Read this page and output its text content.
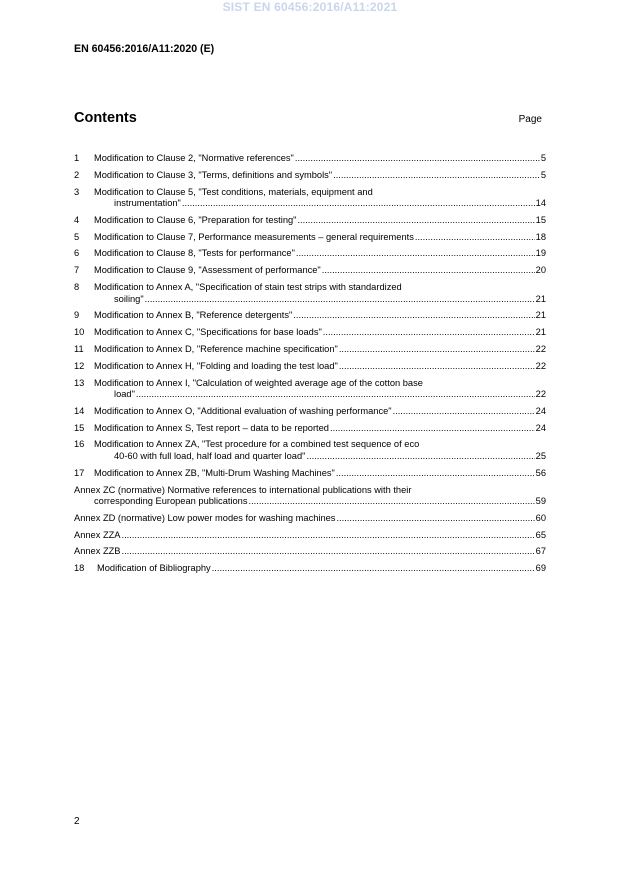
SIST EN 60456:2016/A11:2021
EN 60456:2016/A11:2020 (E)
Contents	Page
1 Modification to Clause 2, "Normative references" .....	5
2 Modification to Clause 3, "Terms, definitions and symbols" .....	5
3 Modification to Clause 5, "Test conditions, materials, equipment and
instrumentation" .....	14
4 Modification to Clause 6, "Preparation for testing" .....	15
5 Modification to Clause 7, Performance measurements – general requirements .....	18
6 Modification to Clause 8, "Tests for performance" .....	19
7 Modification to Clause 9, "Assessment of performance" .....	20
8 Modification to Annex A, "Specification of stain test strips with standardized
soiling" .....	21
9 Modification to Annex B, "Reference detergents" .....	21
10 Modification to Annex C, "Specifications for base loads" .....	21
11 Modification to Annex D, "Reference machine specification" .....	22
12 Modification to Annex H, "Folding and loading the test load" .....	22
13 Modification to Annex I, "Calculation of weighted average age of the cotton base
load" .....	22
14 Modification to Annex O, "Additional evaluation of washing performance" .....	24
15 Modification to Annex S, Test report – data to be reported .....	24
16 Modification to Annex ZA, "Test procedure for a combined test sequence of eco
40-60 with full load, half load and quarter load" .....	25
17 Modification to Annex ZB, "Multi-Drum Washing Machines" .....	56
Annex ZC (normative) Normative references to international publications with their
corresponding European publications .....	59
Annex ZD (normative) Low power modes for washing machines .....	60
Annex ZZA .....	65
Annex ZZB .....	67
18 Modification of Bibliography .....	69
2
